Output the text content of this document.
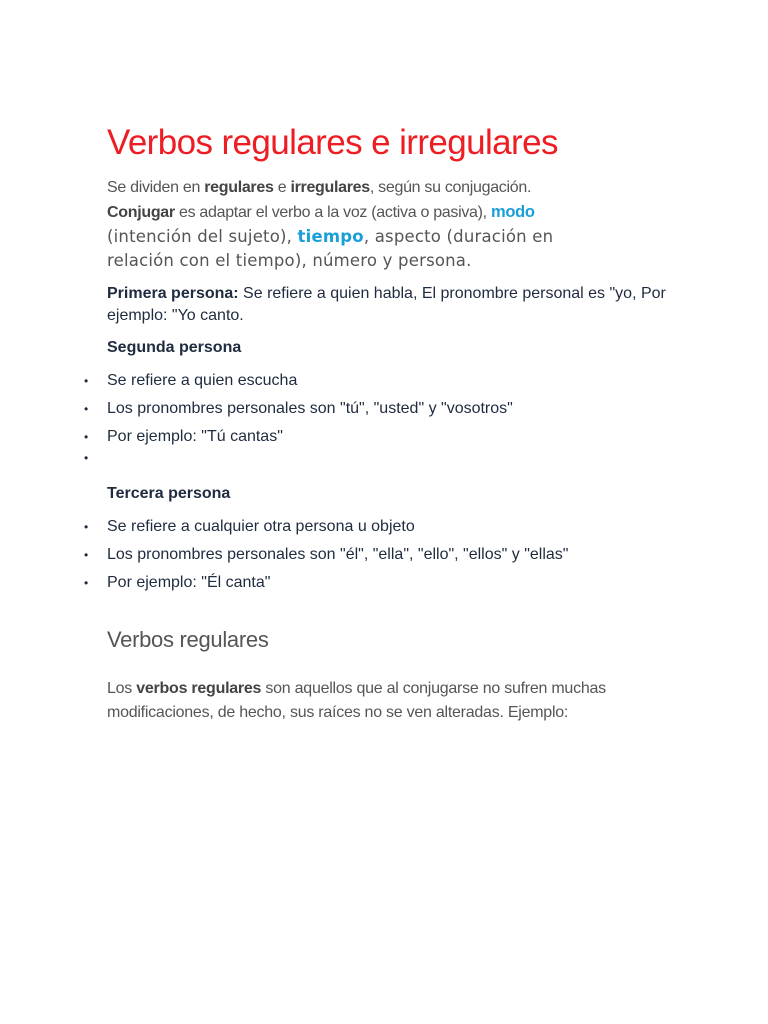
Verbos regulares e irregulares
Se dividen en regulares e irregulares, según su conjugación.
Conjugar es adaptar el verbo a la voz (activa o pasiva), modo
(intención del sujeto), tiempo, aspecto (duración en
relación con el tiempo), número y persona.
Primera persona: Se refiere a quien habla, El pronombre personal es "yo, Por ejemplo: "Yo canto.
Segunda persona
• Se refiere a quien escucha
• Los pronombres personales son "tú", "usted" y "vosotros"
• Por ejemplo: "Tú cantas"
•
Tercera persona
• Se refiere a cualquier otra persona u objeto
• Los pronombres personales son "él", "ella", "ello", "ellos" y "ellas"
• Por ejemplo: "Él canta"
Verbos regulares
Los verbos regulares son aquellos que al conjugarse no sufren muchas modificaciones, de hecho, sus raíces no se ven alteradas. Ejemplo:
